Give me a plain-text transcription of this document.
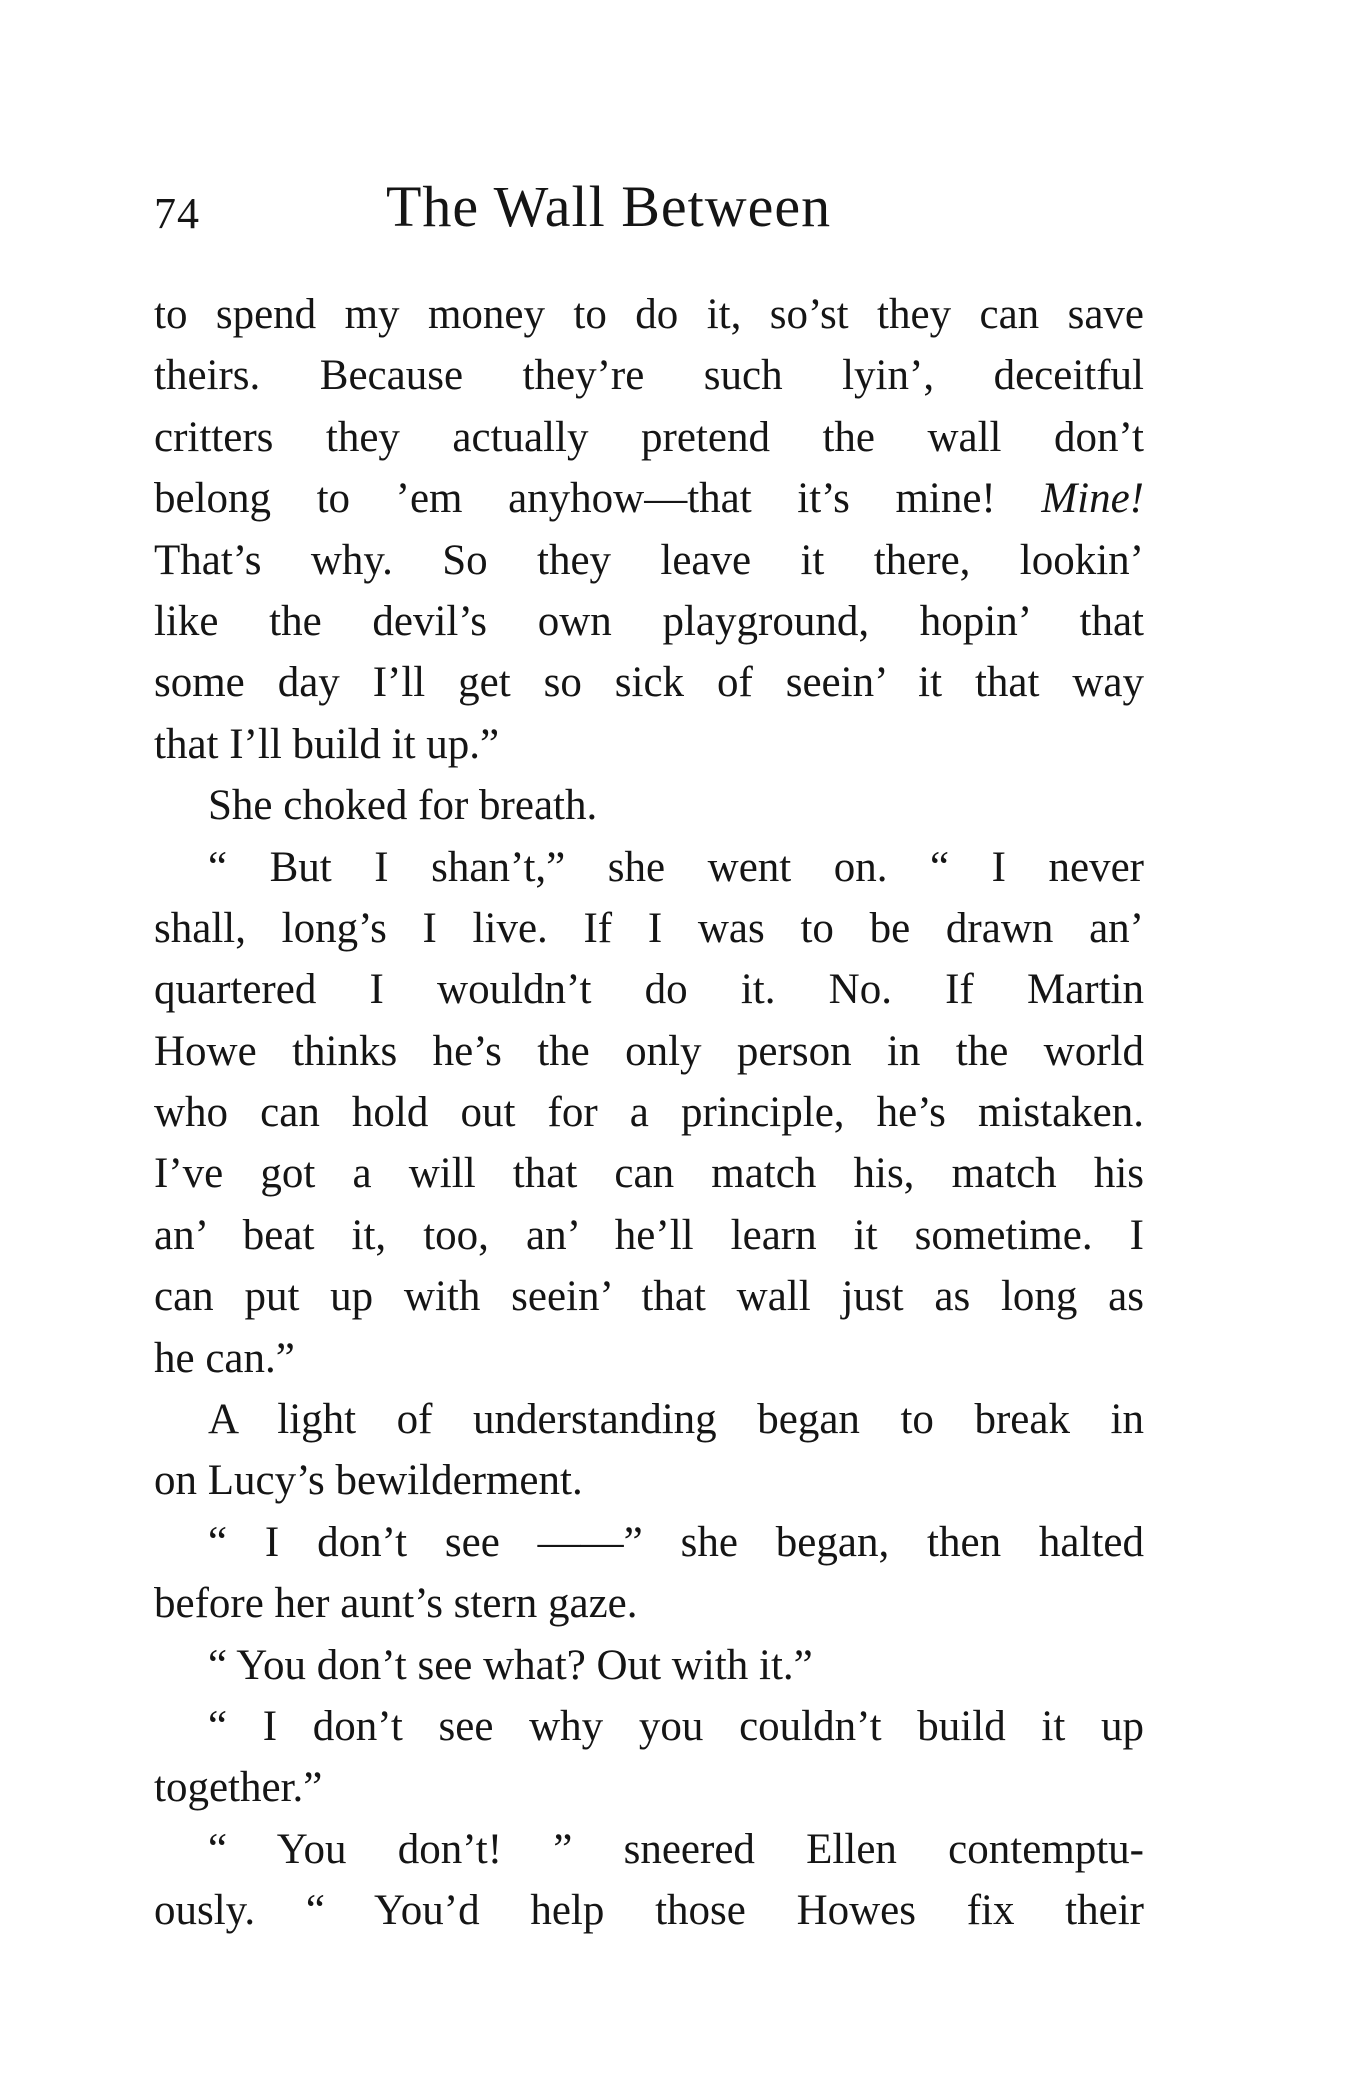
74	The Wall Between
to spend my money to do it, so’st they can save
theirs. Because they’re such lyin’, deceitful
critters they actually pretend the wall don’t
belong to ’em anyhow—that it’s mine! Mine!
That’s why. So they leave it there, lookin’
like the devil’s own playground, hopin’ that
some day I’ll get so sick of seein’ it that way
that I’ll build it up.”
She choked for breath.
“ But I shan’t,” she went on. “ I never
shall, long’s I live. If I was to be drawn an’
quartered I wouldn’t do it. No. If Martin
Howe thinks he’s the only person in the world
who can hold out for a principle, he’s mistaken.
I’ve got a will that can match his, match his
an’ beat it, too, an’ he’ll learn it sometime. I
can put up with seein’ that wall just as long as
he can.”
A light of understanding began to break in
on Lucy’s bewilderment.
“ I don’t see ——” she began, then halted
before her aunt’s stern gaze.
“ You don’t see what? Out with it.”
“ I don’t see why you couldn’t build it up
together.”
“ You don’t! ” sneered Ellen contemptu-
ously. “ You’d help those Howes fix their
